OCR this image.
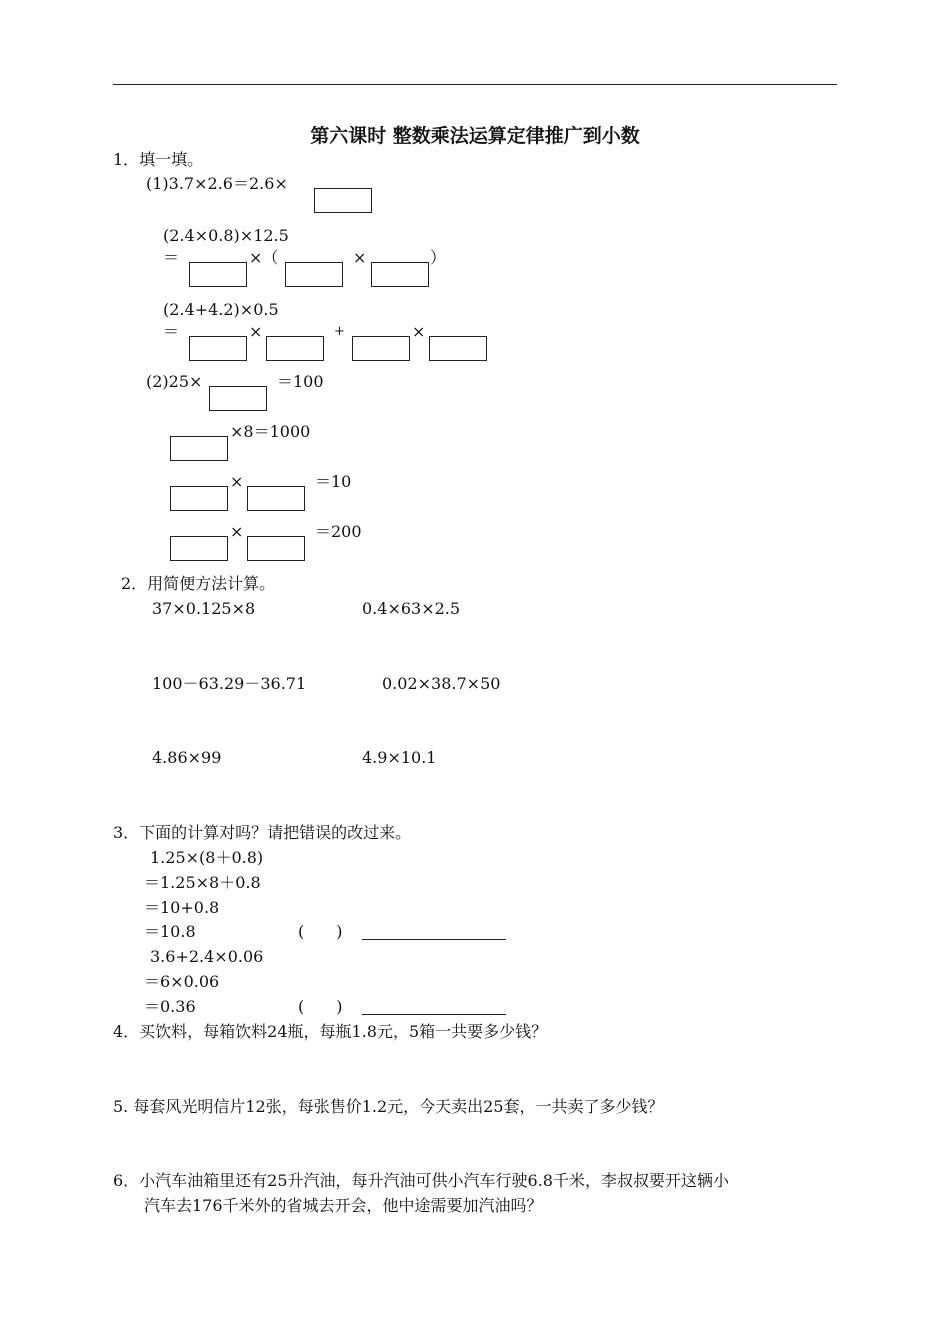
第六课时 整数乘法运算定律推广到小数
1．填一填。
(1)3.7×2.6＝2.6×
(2.4×0.8)×12.5
＝	×（	×	）
(2.4+4.2)×0.5
＝	×	+	×
(2)25×	＝100
×8＝1000
×	＝10
×	＝200
2．用简便方法计算。
37×0.125×8	0.4×63×2.5
100－63.29－36.71	0.02×38.7×50
4.86×99	4.9×10.1
3．下面的计算对吗？请把错误的改过来。
1.25×(8＋0.8)
＝1.25×8＋0.8
＝10+0.8
＝10.8	(　　)
3.6+2.4×0.06
＝6×0.06
＝0.36	(　　)
4．买饮料，每箱饮料24瓶，每瓶1.8元，5箱一共要多少钱？
5. 每套风光明信片12张，每张售价1.2元，今天卖出25套，一共卖了多少钱？
6．小汽车油箱里还有25升汽油，每升汽油可供小汽车行驶6.8千米，李叔叔要开这辆小
汽车去176千米外的省城去开会，他中途需要加汽油吗？
